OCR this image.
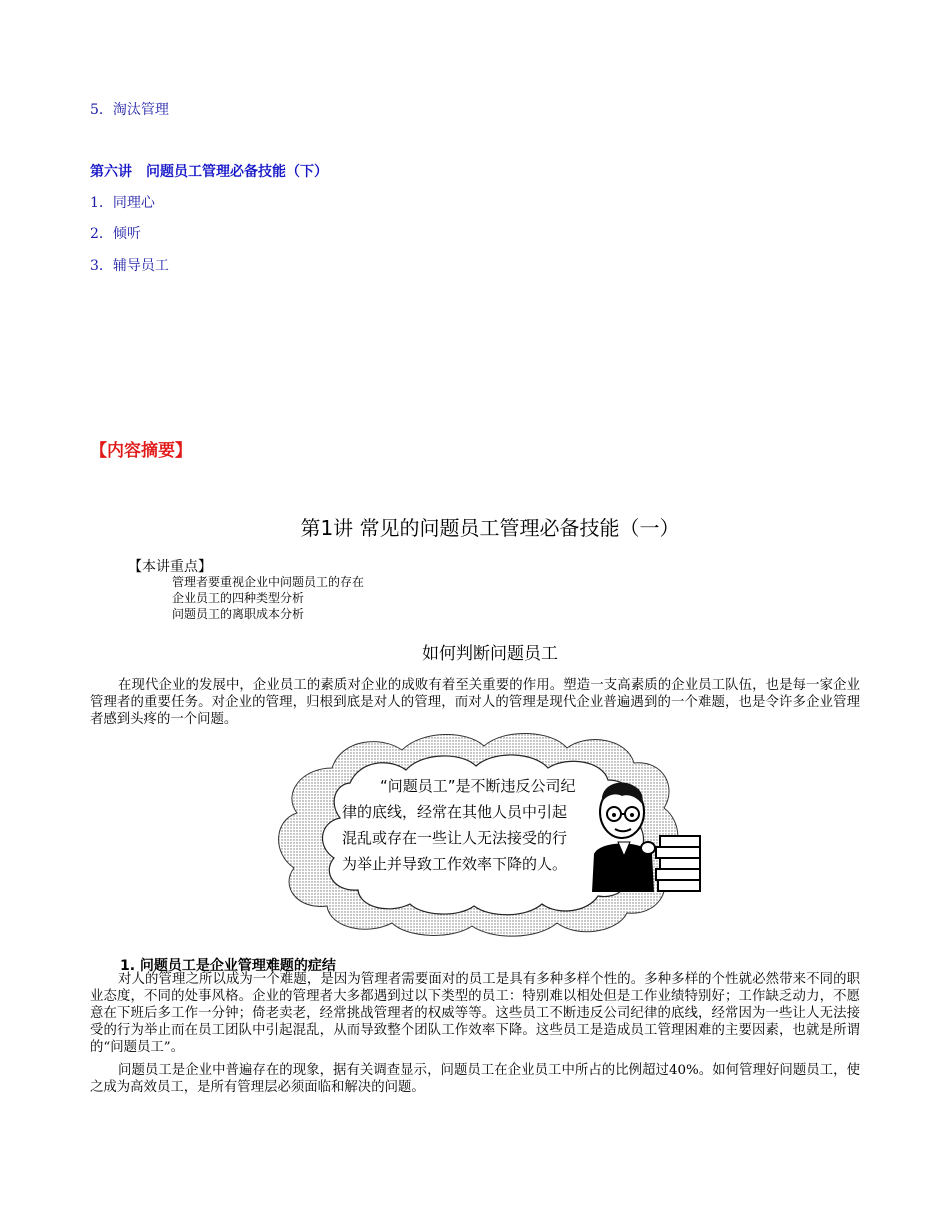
5．淘汰管理
第六讲　问题员工管理必备技能（下）
1．同理心
2．倾听
3．辅导员工
【内容摘要】
第1讲 常见的问题员工管理必备技能（一）
【本讲重点】
管理者要重视企业中问题员工的存在
企业员工的四种类型分析
问题员工的离职成本分析
如何判断问题员工
在现代企业的发展中，企业员工的素质对企业的成败有着至关重要的作用。塑造一支高素质的企业员工队伍，也是每一家企业管理者的重要任务。对企业的管理，归根到底是对人的管理，而对人的管理是现代企业普遍遇到的一个难题，也是令许多企业管理者感到头疼的一个问题。
“问题员工”是不断违反公司纪律的底线，经常在其他人员中引起混乱或存在一些让人无法接受的行为举止并导致工作效率下降的人。
1. 问题员工是企业管理难题的症结
对人的管理之所以成为一个难题，是因为管理者需要面对的员工是具有多种多样个性的。多种多样的个性就必然带来不同的职业态度，不同的处事风格。企业的管理者大多都遇到过以下类型的员工：特别难以相处但是工作业绩特别好；工作缺乏动力，不愿意在下班后多工作一分钟；倚老卖老，经常挑战管理者的权威等等。这些员工不断违反公司纪律的底线，经常因为一些让人无法接受的行为举止而在员工团队中引起混乱，从而导致整个团队工作效率下降。这些员工是造成员工管理困难的主要因素，也就是所谓的“问题员工”。
问题员工是企业中普遍存在的现象，据有关调查显示，问题员工在企业员工中所占的比例超过40%。如何管理好问题员工，使之成为高效员工，是所有管理层必须面临和解决的问题。
